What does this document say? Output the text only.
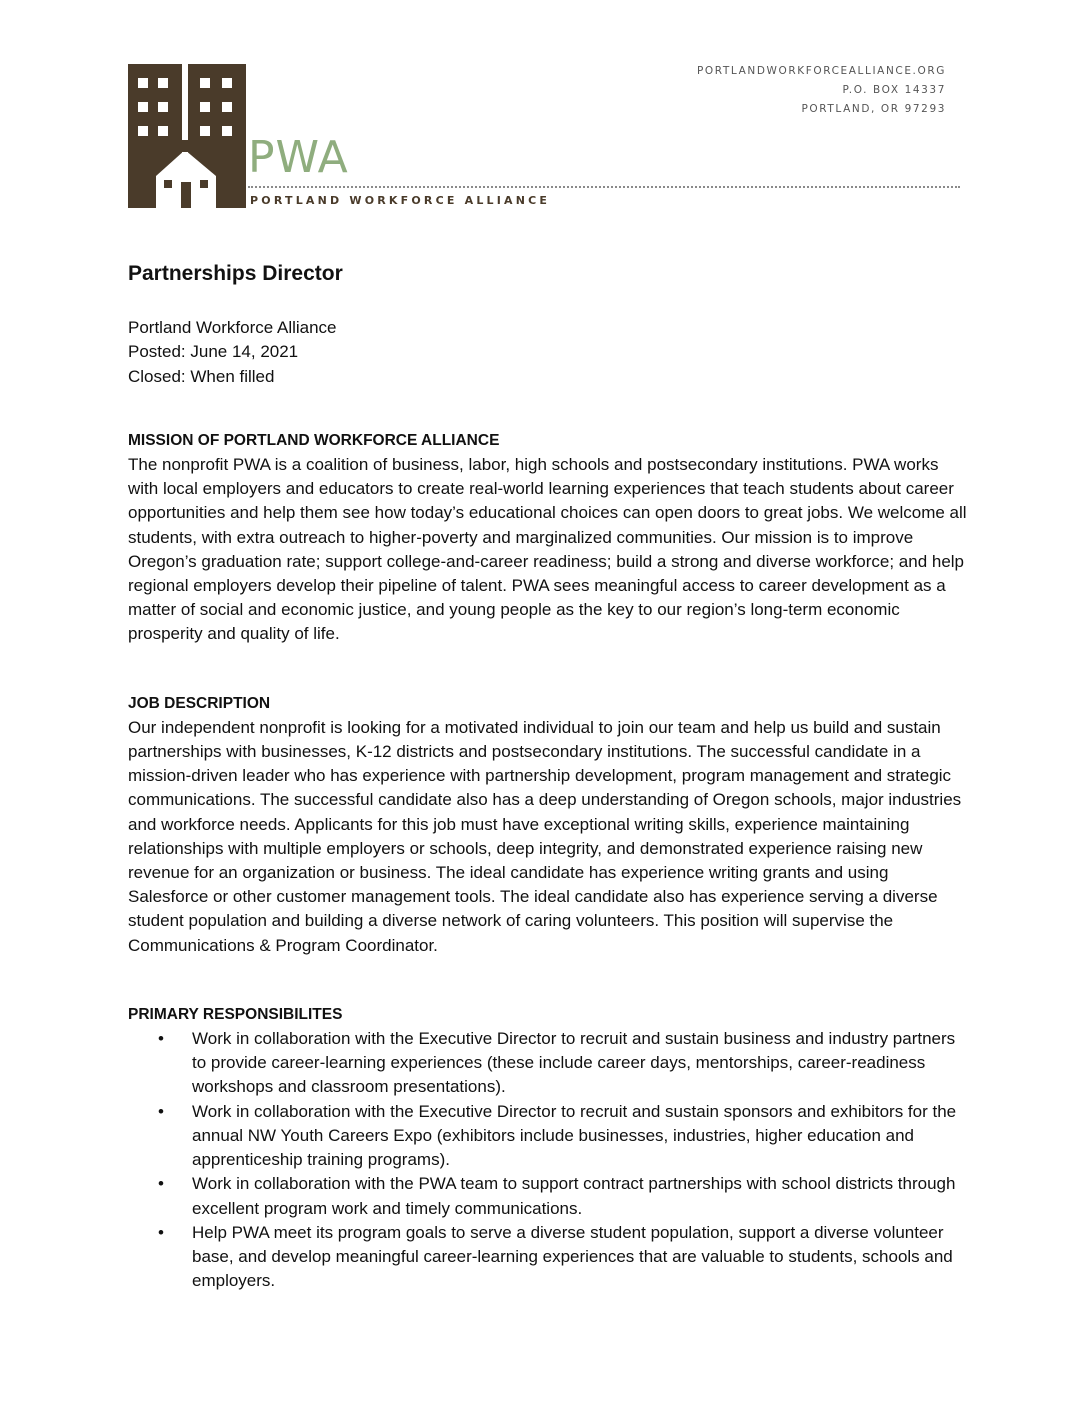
PWA
PORTLAND WORKFORCE ALLIANCE
PORTLANDWORKFORCEALLIANCE.ORG
P.O. BOX 14337
PORTLAND, OR 97293
Partnerships Director
Portland Workforce Alliance
Posted: June 14, 2021
Closed: When filled
MISSION OF PORTLAND WORKFORCE ALLIANCE

The nonprofit PWA is a coalition of business, labor, high schools and postsecondary institutions. PWA works with local employers and educators to create real-world learning experiences that teach students about career opportunities and help them see how today’s educational choices can open doors to great jobs. We welcome all students, with extra outreach to higher-poverty and marginalized communities. Our mission is to improve Oregon’s graduation rate; support college-and-career readiness; build a strong and diverse workforce; and help regional employers develop their pipeline of talent. PWA sees meaningful access to career development as a matter of social and economic justice, and young people as the key to our region’s long-term economic prosperity and quality of life.

JOB DESCRIPTION

Our independent nonprofit is looking for a motivated individual to join our team and help us build and sustain partnerships with businesses, K-12 districts and postsecondary institutions. The successful candidate in a mission-driven leader who has experience with partnership development, program management and strategic communications. The successful candidate also has a deep understanding of Oregon schools, major industries and workforce needs. Applicants for this job must have exceptional writing skills, experience maintaining relationships with multiple employers or schools, deep integrity, and demonstrated experience raising new revenue for an organization or business. The ideal candidate has experience writing grants and using Salesforce or other customer management tools. The ideal candidate also has experience serving a diverse student population and building a diverse network of caring volunteers. This position will supervise the Communications & Program Coordinator.

PRIMARY RESPONSIBILITES
• Work in collaboration with the Executive Director to recruit and sustain business and industry partners to provide career-learning experiences (these include career days, mentorships, career-readiness workshops and classroom presentations).
• Work in collaboration with the Executive Director to recruit and sustain sponsors and exhibitors for the annual NW Youth Careers Expo (exhibitors include businesses, industries, higher education and apprenticeship training programs).
• Work in collaboration with the PWA team to support contract partnerships with school districts through excellent program work and timely communications.
• Help PWA meet its program goals to serve a diverse student population, support a diverse volunteer base, and develop meaningful career-learning experiences that are valuable to students, schools and employers.
